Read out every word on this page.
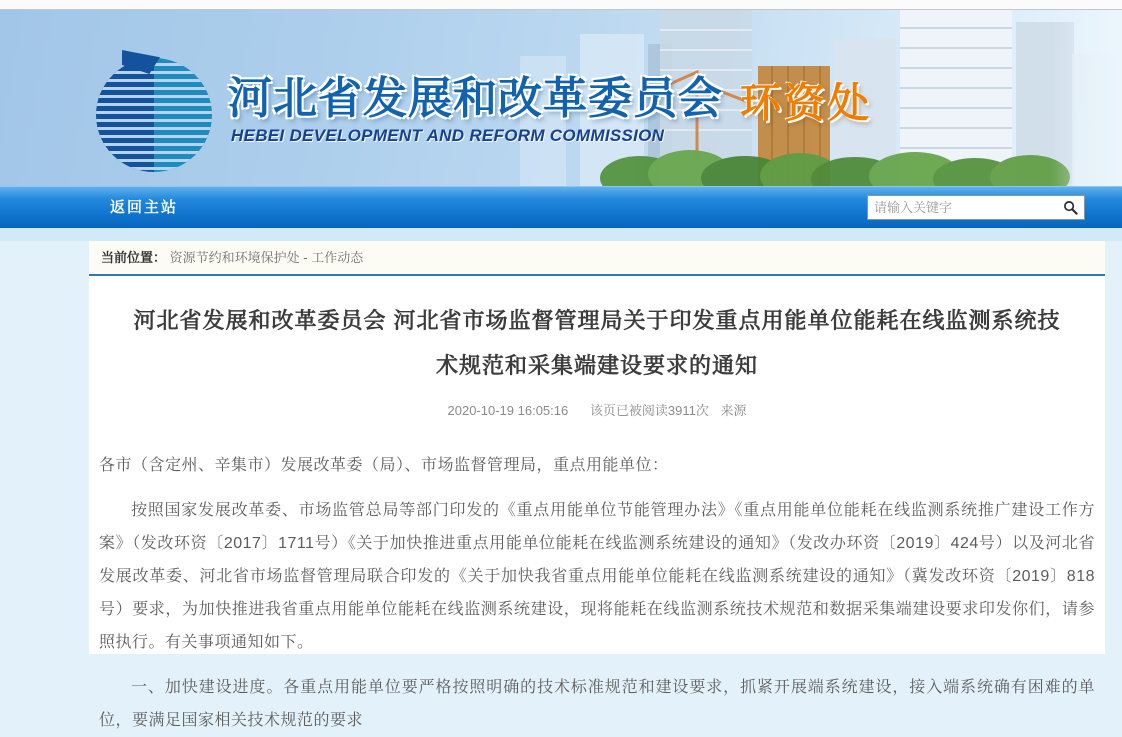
河北省发展和改革委员会 环资处
HEBEI DEVELOPMENT AND REFORM COMMISSION
返回主站
请输入关键字
当前位置： 资源节约和环境保护处 - 工作动态
河北省发展和改革委员会 河北省市场监督管理局关于印发重点用能单位能耗在线监测系统技术规范和采集端建设要求的通知
2020-10-19 16:05:16 该页已被阅读3911次 来源

各市（含定州、辛集市）发展改革委（局）、市场监督管理局，重点用能单位：

按照国家发展改革委、市场监管总局等部门印发的《重点用能单位节能管理办法》《重点用能单位能耗在线监测系统推广建设工作方案》（发改环资〔2017〕1711号）《关于加快推进重点用能单位能耗在线监测系统建设的通知》（发改办环资〔2019〕424号）以及河北省发展改革委、河北省市场监督管理局联合印发的《关于加快我省重点用能单位能耗在线监测系统建设的通知》（冀发改环资〔2019〕818号）要求，为加快推进我省重点用能单位能耗在线监测系统建设，现将能耗在线监测系统技术规范和数据采集端建设要求印发你们，请参照执行。有关事项通知如下。

一、加快建设进度。各重点用能单位要严格按照明确的技术标准规范和建设要求，抓紧开展端系统建设，接入端系统确有困难的单位，要满足国家相关技术规范的要求
